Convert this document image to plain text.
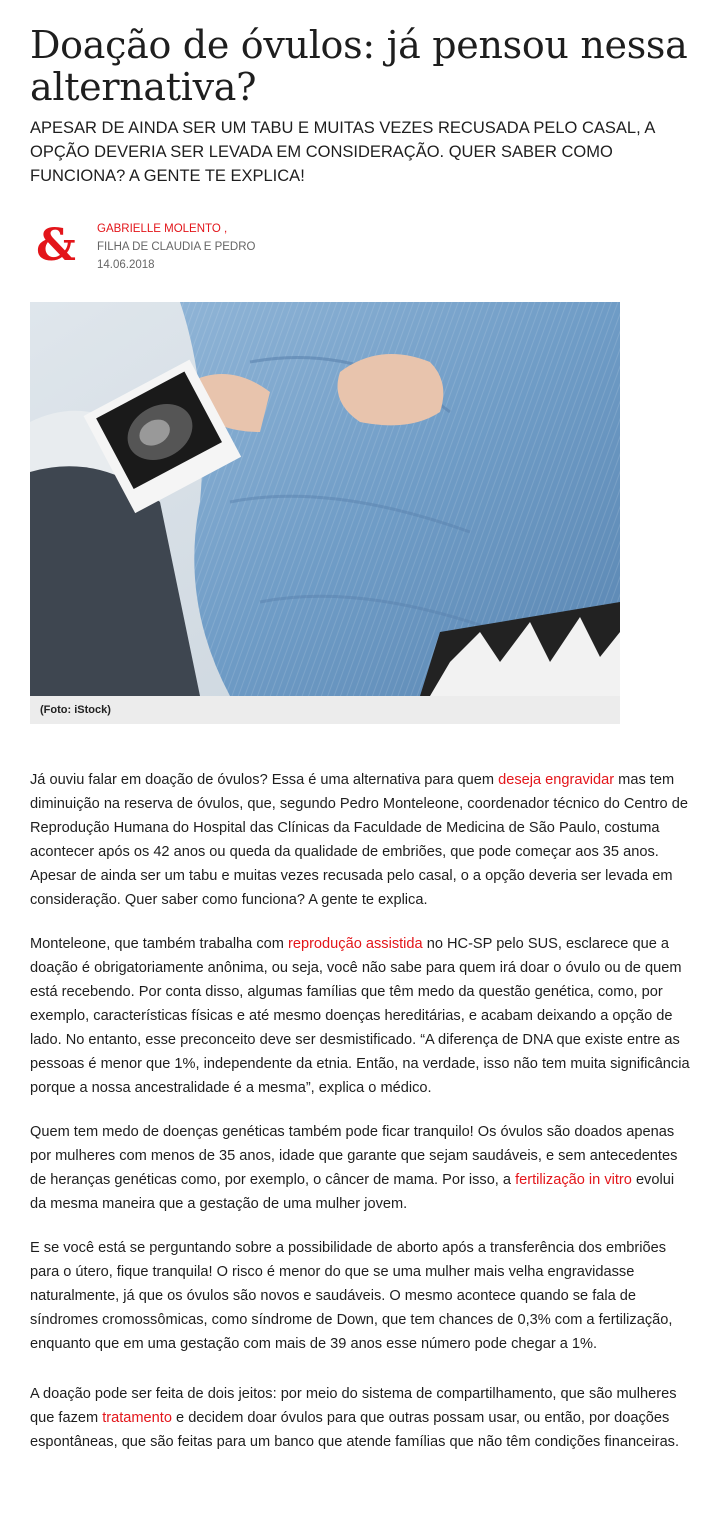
Doação de óvulos: já pensou nessa alternativa?

APESAR DE AINDA SER UM TABU E MUITAS VEZES RECUSADA PELO CASAL, A OPÇÃO DEVERIA SER LEVADA EM CONSIDERAÇÃO. QUER SABER COMO FUNCIONA? A GENTE TE EXPLICA!

& GABRIELLE MOLENTO ,
FILHA DE CLAUDIA E PEDRO
14.06.2018
(Foto: iStock)

Já ouviu falar em doação de óvulos? Essa é uma alternativa para quem deseja engravidar mas tem diminuição na reserva de óvulos, que, segundo Pedro Monteleone, coordenador técnico do Centro de Reprodução Humana do Hospital das Clínicas da Faculdade de Medicina de São Paulo, costuma acontecer após os 42 anos ou queda da qualidade de embriões, que pode começar aos 35 anos. Apesar de ainda ser um tabu e muitas vezes recusada pelo casal, o a opção deveria ser levada em consideração. Quer saber como funciona? A gente te explica.

Monteleone, que também trabalha com reprodução assistida no HC-SP pelo SUS, esclarece que a doação é obrigatoriamente anônima, ou seja, você não sabe para quem irá doar o óvulo ou de quem está recebendo. Por conta disso, algumas famílias que têm medo da questão genética, como, por exemplo, características físicas e até mesmo doenças hereditárias, e acabam deixando a opção de lado. No entanto, esse preconceito deve ser desmistificado. “A diferença de DNA que existe entre as pessoas é menor que 1%, independente da etnia. Então, na verdade, isso não tem muita significância porque a nossa ancestralidade é a mesma”, explica o médico.

Quem tem medo de doenças genéticas também pode ficar tranquilo! Os óvulos são doados apenas por mulheres com menos de 35 anos, idade que garante que sejam saudáveis, e sem antecedentes de heranças genéticas como, por exemplo, o câncer de mama. Por isso, a fertilização in vitro evolui da mesma maneira que a gestação de uma mulher jovem.

E se você está se perguntando sobre a possibilidade de aborto após a transferência dos embriões para o útero, fique tranquila! O risco é menor do que se uma mulher mais velha engravidasse naturalmente, já que os óvulos são novos e saudáveis. O mesmo acontece quando se fala de síndromes cromossômicas, como síndrome de Down, que tem chances de 0,3% com a fertilização, enquanto que em uma gestação com mais de 39 anos esse número pode chegar a 1%.

A doação pode ser feita de dois jeitos: por meio do sistema de compartilhamento, que são mulheres que fazem tratamento e decidem doar óvulos para que outras possam usar, ou então, por doações espontâneas, que são feitas para um banco que atende famílias que não têm condições financeiras.
